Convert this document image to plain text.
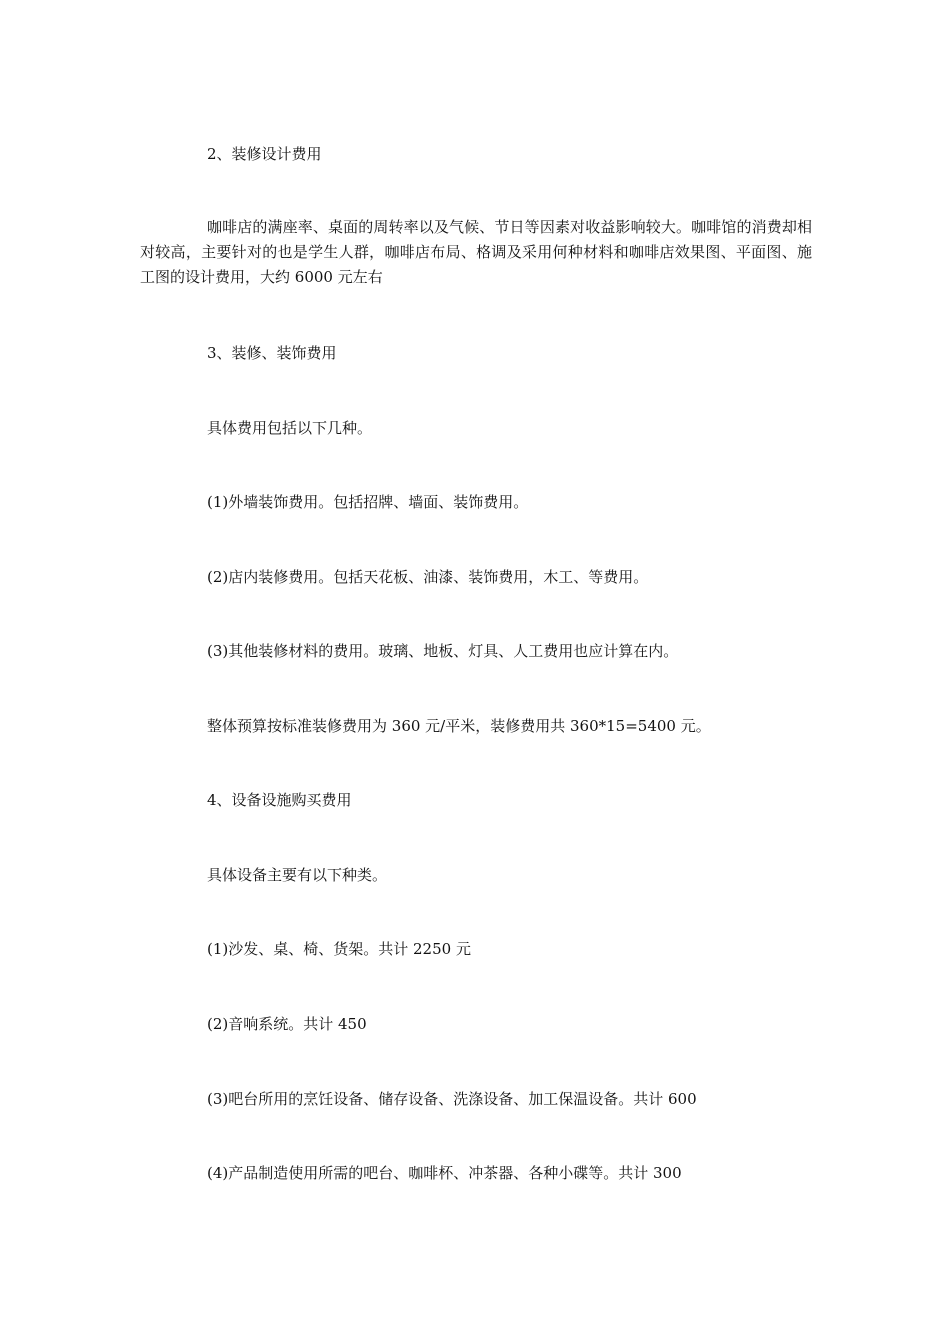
2、装修设计费用

咖啡店的满座率、桌面的周转率以及气候、节日等因素对收益影响较大。咖啡馆的消费却相对较高，主要针对的也是学生人群，咖啡店布局、格调及采用何种材料和咖啡店效果图、平面图、施工图的设计费用，大约 6000 元左右

3、装修、装饰费用
具体费用包括以下几种。
(1)外墙装饰费用。包括招牌、墙面、装饰费用。
(2)店内装修费用。包括天花板、油漆、装饰费用，木工、等费用。
(3)其他装修材料的费用。玻璃、地板、灯具、人工费用也应计算在内。
整体预算按标准装修费用为 360 元/平米，装修费用共 360*15=5400 元。
4、设备设施购买费用
具体设备主要有以下种类。
(1)沙发、桌、椅、货架。共计 2250 元
(2)音响系统。共计 450
(3)吧台所用的烹饪设备、储存设备、洗涤设备、加工保温设备。共计 600
(4)产品制造使用所需的吧台、咖啡杯、冲茶器、各种小碟等。共计 300
